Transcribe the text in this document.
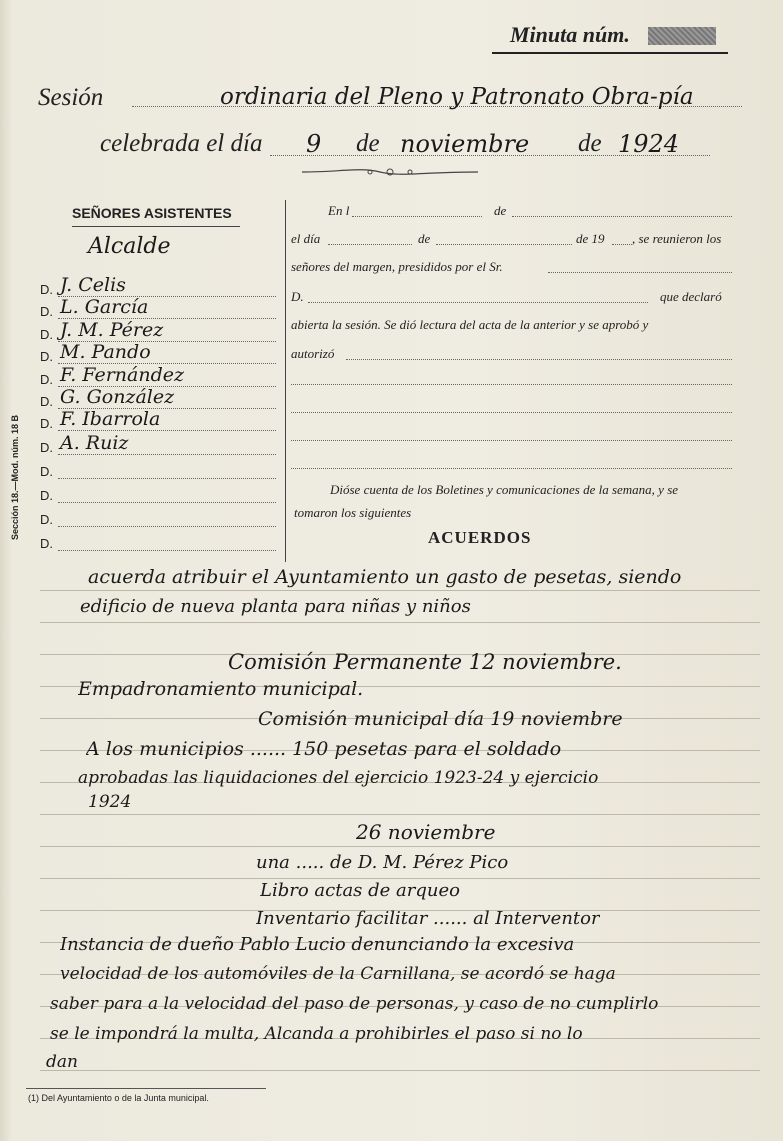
Minuta núm.
Sesión	ordinaria del Pleno y Patronato Obra-pía
celebrada el día 9 de noviembre de 1924
SEÑORES ASISTENTES
Alcalde
D. J. Celis
D. L. García
D. J. M. Pérez
D. M. Pando
D. F. Fernández
D. G. González
D. F. Ibarrola
D. A. Ruiz
D.
D.
D.
D.
Sección 18.—Mod. núm. 18 B
En l	de
el día	de	de 19 , se reunieron los
señores del margen, presididos por el Sr.
D.	que declaró
abierta la sesión. Se dió lectura del acta de la anterior y se aprobó y
autorizó
Dióse cuenta de los Boletines y comunicaciones de la semana, y se
tomaron los siguientes
ACUERDOS
acuerda atribuir el Ayuntamiento un gasto de pesetas, siendo
edificio de nueva planta para niñas y niños
Comisión Permanente 12 noviembre.
Empadronamiento municipal.
Comisión municipal día 19 noviembre
A los municipios ...... 150 pesetas para el soldado
aprobadas las liquidaciones del ejercicio 1923-24 y ejercicio
1924
26 noviembre
una ..... de D. M. Pérez Pico
Libro actas de arqueo
Inventario facilitar ...... al Interventor
Instancia de dueño Pablo Lucio denunciando la excesiva
velocidad de los automóviles de la Carnillana, se acordó se haga
saber para a la velocidad del paso de personas, y caso de no cumplirlo
se le impondrá la multa, Alcanda a prohibirles el paso si no lo
dan
(1) Del Ayuntamiento o de la Junta municipal.
